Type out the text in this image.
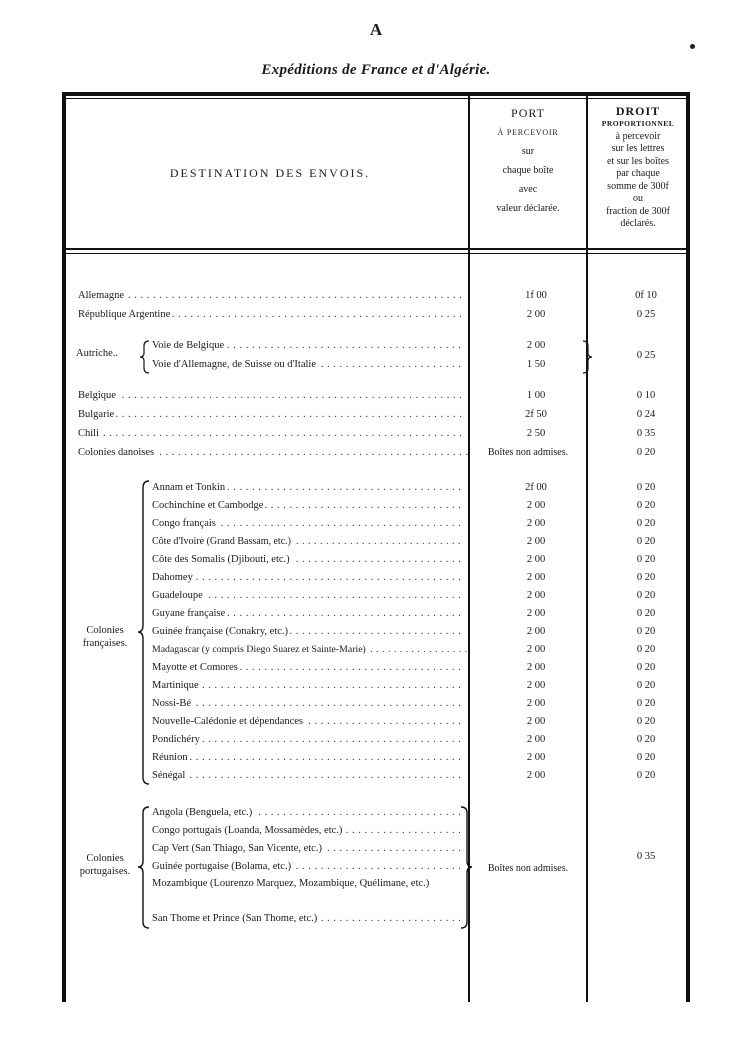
A
Expéditions de France et d'Algérie.
DESTINATION DES ENVOIS.
PORT
À PERCEVOIR
sur
chaque boîte
avec
valeur déclarée.
DROIT
PROPORTIONNEL
à percevoir
sur les lettres
et sur les boîtes
par chaque
somme de 300f
ou
fraction de 300f
déclarés.
Autriche..
Colonies
françaises.
Colonies
portugaises.
Allemagne . . .	1f 00	0f 10
République Argentine . . .	2 00	0 25
Voie de Belgique . . .	2 00
Voie d'Allemagne, de Suisse ou d'Italie . . .	1 50
0 25
Belgique . . .	1 00	0 10
Bulgarie . . .	2f 50	0 24
Chili . . .	2 50	0 35
Colonies danoises . . .	Boîtes non admises.	0 20
Annam et Tonkin . . .	2f 00	0 20
Cochinchine et Cambodge . . .	2 00	0 20
Congo français . . .	2 00	0 20
Côte d'Ivoire (Grand Bassam, etc.) . . .	2 00	0 20
Côte des Somalis (Djibouti, etc.) . . .	2 00	0 20
Dahomey . . .	2 00	0 20
Guadeloupe . . .	2 00	0 20
Guyane française . . .	2 00	0 20
Guinée française (Conakry, etc.) . . .	2 00	0 20
Madagascar (y compris Diego Suarez et Sainte-Marie) . . .	2 00	0 20
Mayotte et Comores . . .	2 00	0 20
Martinique . . .	2 00	0 20
Nossi-Bé . . .	2 00	0 20
Nouvelle-Calédonie et dépendances . . .	2 00	0 20
Pondichéry . . .	2 00	0 20
Réunion . . .	2 00	0 20
Sénégal . . .	2 00	0 20
Angola (Benguela, etc.) . . .
Congo portugais (Loanda, Mossamèdes, etc.) . . .
Cap Vert (San Thiago, San Vicente, etc.) . . .
Guinée portugaise (Bolama, etc.) . . .
Mozambique (Lourenzo Marquez, Mozambique, Quélimane, etc.)
San Thome et Prince (San Thome, etc.) . . .
Boîtes non admises.
0 35
